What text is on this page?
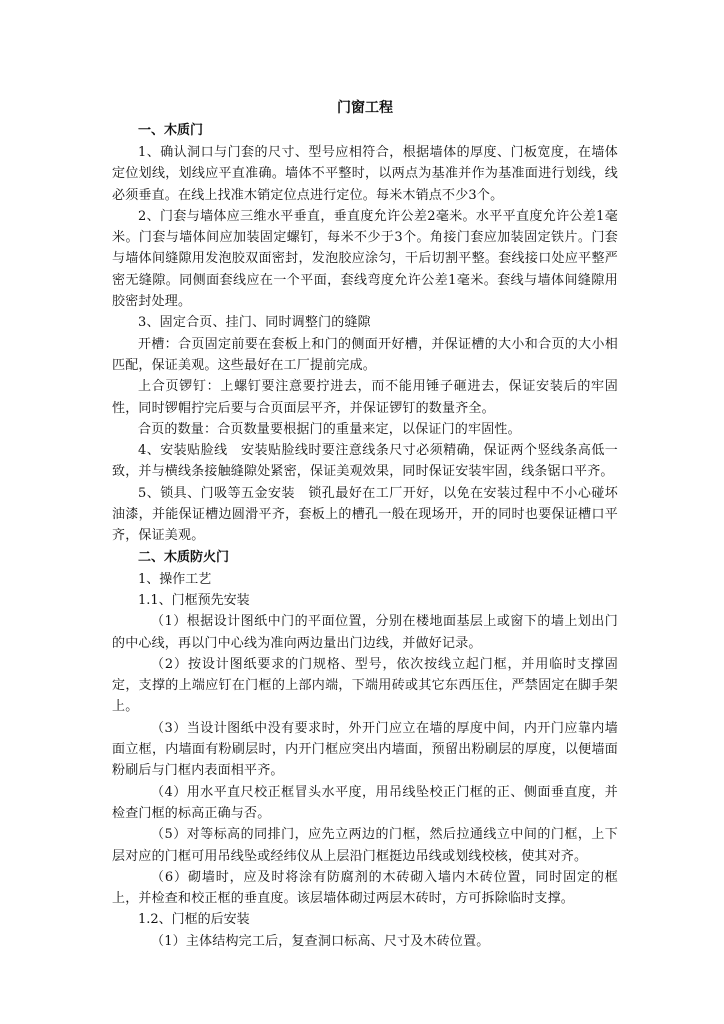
门窗工程
一、木质门

1、确认洞口与门套的尺寸、型号应相符合，根据墙体的厚度、门板宽度，在墙体定位划线，划线应平直准确。墙体不平整时，以两点为基准并作为基准面进行划线，线必须垂直。在线上找准木销定位点进行定位。每米木销点不少3个。

2、门套与墙体应三维水平垂直，垂直度允许公差2毫米。水平平直度允许公差1毫米。门套与墙体间应加装固定螺钉，每米不少于3个。角接门套应加装固定铁片。门套与墙体间缝隙用发泡胶双面密封，发泡胶应涂匀，干后切割平整。套线接口处应平整严密无缝隙。同侧面套线应在一个平面，套线弯度允许公差1毫米。套线与墙体间缝隙用胶密封处理。

3、固定合页、挂门、同时调整门的缝隙

开槽：合页固定前要在套板上和门的侧面开好槽，并保证槽的大小和合页的大小相匹配，保证美观。这些最好在工厂提前完成。

上合页锣钉：上螺钉要注意要拧进去，而不能用锤子砸进去，保证安装后的牢固性，同时锣帽拧完后要与合页面层平齐，并保证锣钉的数量齐全。

合页的数量：合页数量要根据门的重量来定，以保证门的牢固性。

4、安装贴脸线　安装贴脸线时要注意线条尺寸必须精确，保证两个竖线条高低一致，并与横线条接触缝隙处紧密，保证美观效果，同时保证安装牢固，线条锯口平齐。

5、锁具、门吸等五金安装　锁孔最好在工厂开好，以免在安装过程中不小心碰坏油漆，并能保证槽边圆滑平齐，套板上的槽孔一般在现场开，开的同时也要保证槽口平齐，保证美观。

二、木质防火门

1、操作工艺

1.1、门框预先安装

（1）根据设计图纸中门的平面位置，分别在楼地面基层上或窗下的墙上划出门的中心线，再以门中心线为准向两边量出门边线，并做好记录。

（2）按设计图纸要求的门规格、型号，依次按线立起门框，并用临时支撑固定，支撑的上端应钉在门框的上部内端，下端用砖或其它东西压住，严禁固定在脚手架上。

（3）当设计图纸中没有要求时，外开门应立在墙的厚度中间，内开门应靠内墙面立框，内墙面有粉刷层时，内开门框应突出内墙面，预留出粉刷层的厚度，以便墙面粉刷后与门框内表面相平齐。

（4）用水平直尺校正框冒头水平度，用吊线坠校正门框的正、侧面垂直度，并检查门框的标高正确与否。

（5）对等标高的同排门，应先立两边的门框，然后拉通线立中间的门框，上下层对应的门框可用吊线坠或经纬仪从上层沿门框挺边吊线或划线校核，使其对齐。

（6）砌墙时，应及时将涂有防腐剂的木砖砌入墙内木砖位置，同时固定的框上，并检查和校正框的垂直度。该层墙体砌过两层木砖时，方可拆除临时支撑。

1.2、门框的后安装

（1）主体结构完工后，复查洞口标高、尺寸及木砖位置。
